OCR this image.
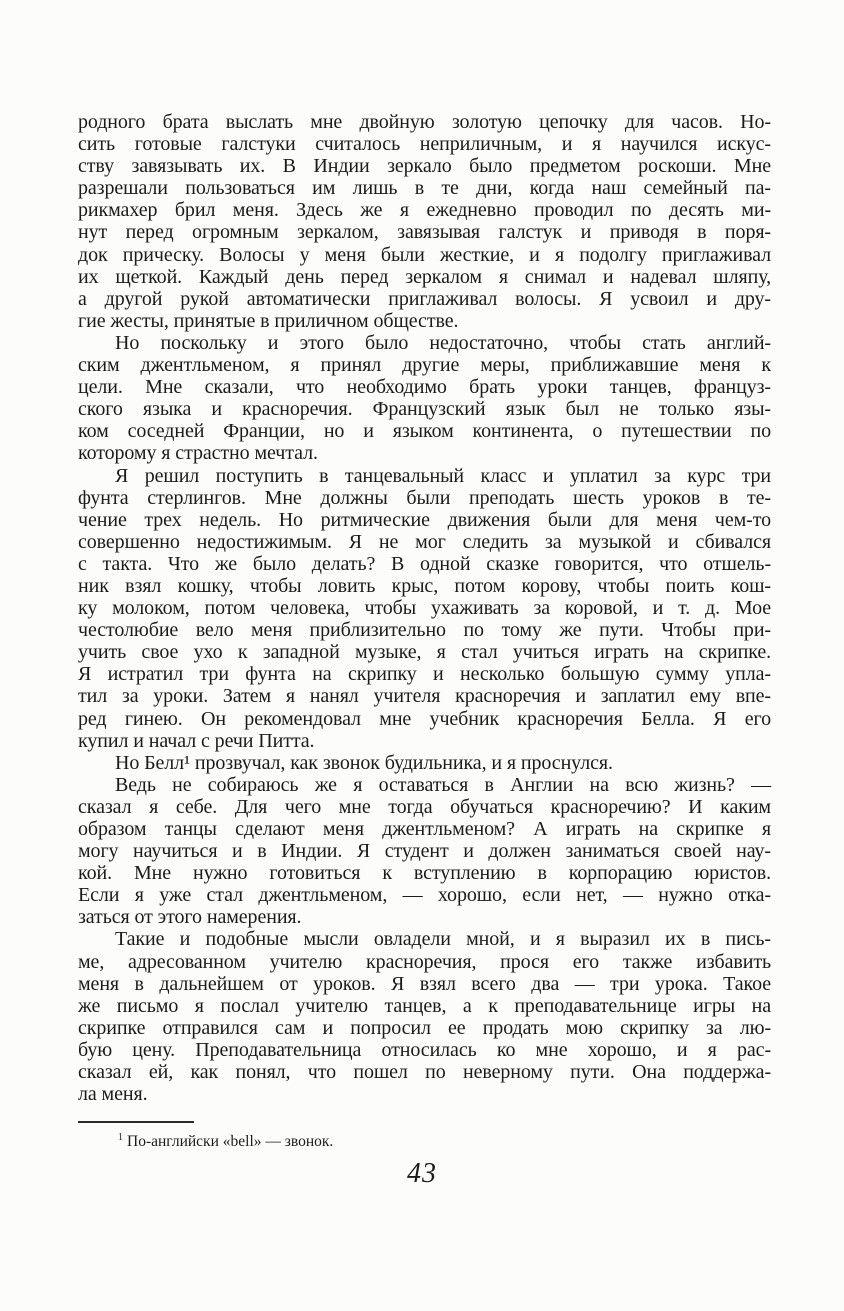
родного брата выслать мне двойную золотую цепочку для часов. Но-
сить готовые галстуки считалось неприличным, и я научился искус-
ству завязывать их. В Индии зеркало было предметом роскоши. Мне
разрешали пользоваться им лишь в те дни, когда наш семейный па-
рикмахер брил меня. Здесь же я ежедневно проводил по десять ми-
нут перед огромным зеркалом, завязывая галстук и приводя в поря-
док прическу. Волосы у меня были жесткие, и я подолгу приглаживал
их щеткой. Каждый день перед зеркалом я снимал и надевал шляпу,
а другой рукой автоматически приглаживал волосы. Я усвоил и дру-
гие жесты, принятые в приличном обществе.
Но поскольку и этого было недостаточно, чтобы стать англий-
ским джентльменом, я принял другие меры, приближавшие меня к
цели. Мне сказали, что необходимо брать уроки танцев, француз-
ского языка и красноречия. Французский язык был не только язы-
ком соседней Франции, но и языком континента, о путешествии по
которому я страстно мечтал.
Я решил поступить в танцевальный класс и уплатил за курс три
фунта стерлингов. Мне должны были преподать шесть уроков в те-
чение трех недель. Но ритмические движения были для меня чем-то
совершенно недостижимым. Я не мог следить за музыкой и сбивался
с такта. Что же было делать? В одной сказке говорится, что отшель-
ник взял кошку, чтобы ловить крыс, потом корову, чтобы поить кош-
ку молоком, потом человека, чтобы ухаживать за коровой, и т. д. Мое
честолюбие вело меня приблизительно по тому же пути. Чтобы при-
учить свое ухо к западной музыке, я стал учиться играть на скрипке.
Я истратил три фунта на скрипку и несколько большую сумму упла-
тил за уроки. Затем я нанял учителя красноречия и заплатил ему впе-
ред гинею. Он рекомендовал мне учебник красноречия Белла. Я его
купил и начал с речи Питта.
Но Белл¹ прозвучал, как звонок будильника, и я проснулся.
Ведь не собираюсь же я оставаться в Англии на всю жизнь? —
сказал я себе. Для чего мне тогда обучаться красноречию? И каким
образом танцы сделают меня джентльменом? А играть на скрипке я
могу научиться и в Индии. Я студент и должен заниматься своей нау-
кой. Мне нужно готовиться к вступлению в корпорацию юристов.
Если я уже стал джентльменом, — хорошо, если нет, — нужно отка-
заться от этого намерения.
Такие и подобные мысли овладели мной, и я выразил их в пись-
ме, адресованном учителю красноречия, прося его также избавить
меня в дальнейшем от уроков. Я взял всего два — три урока. Такое
же письмо я послал учителю танцев, а к преподавательнице игры на
скрипке отправился сам и попросил ее продать мою скрипку за лю-
бую цену. Преподавательница относилась ко мне хорошо, и я рас-
сказал ей, как понял, что пошел по неверному пути. Она поддержа-
ла меня.
$^1$ По-английски «bell» — звонок.
43
